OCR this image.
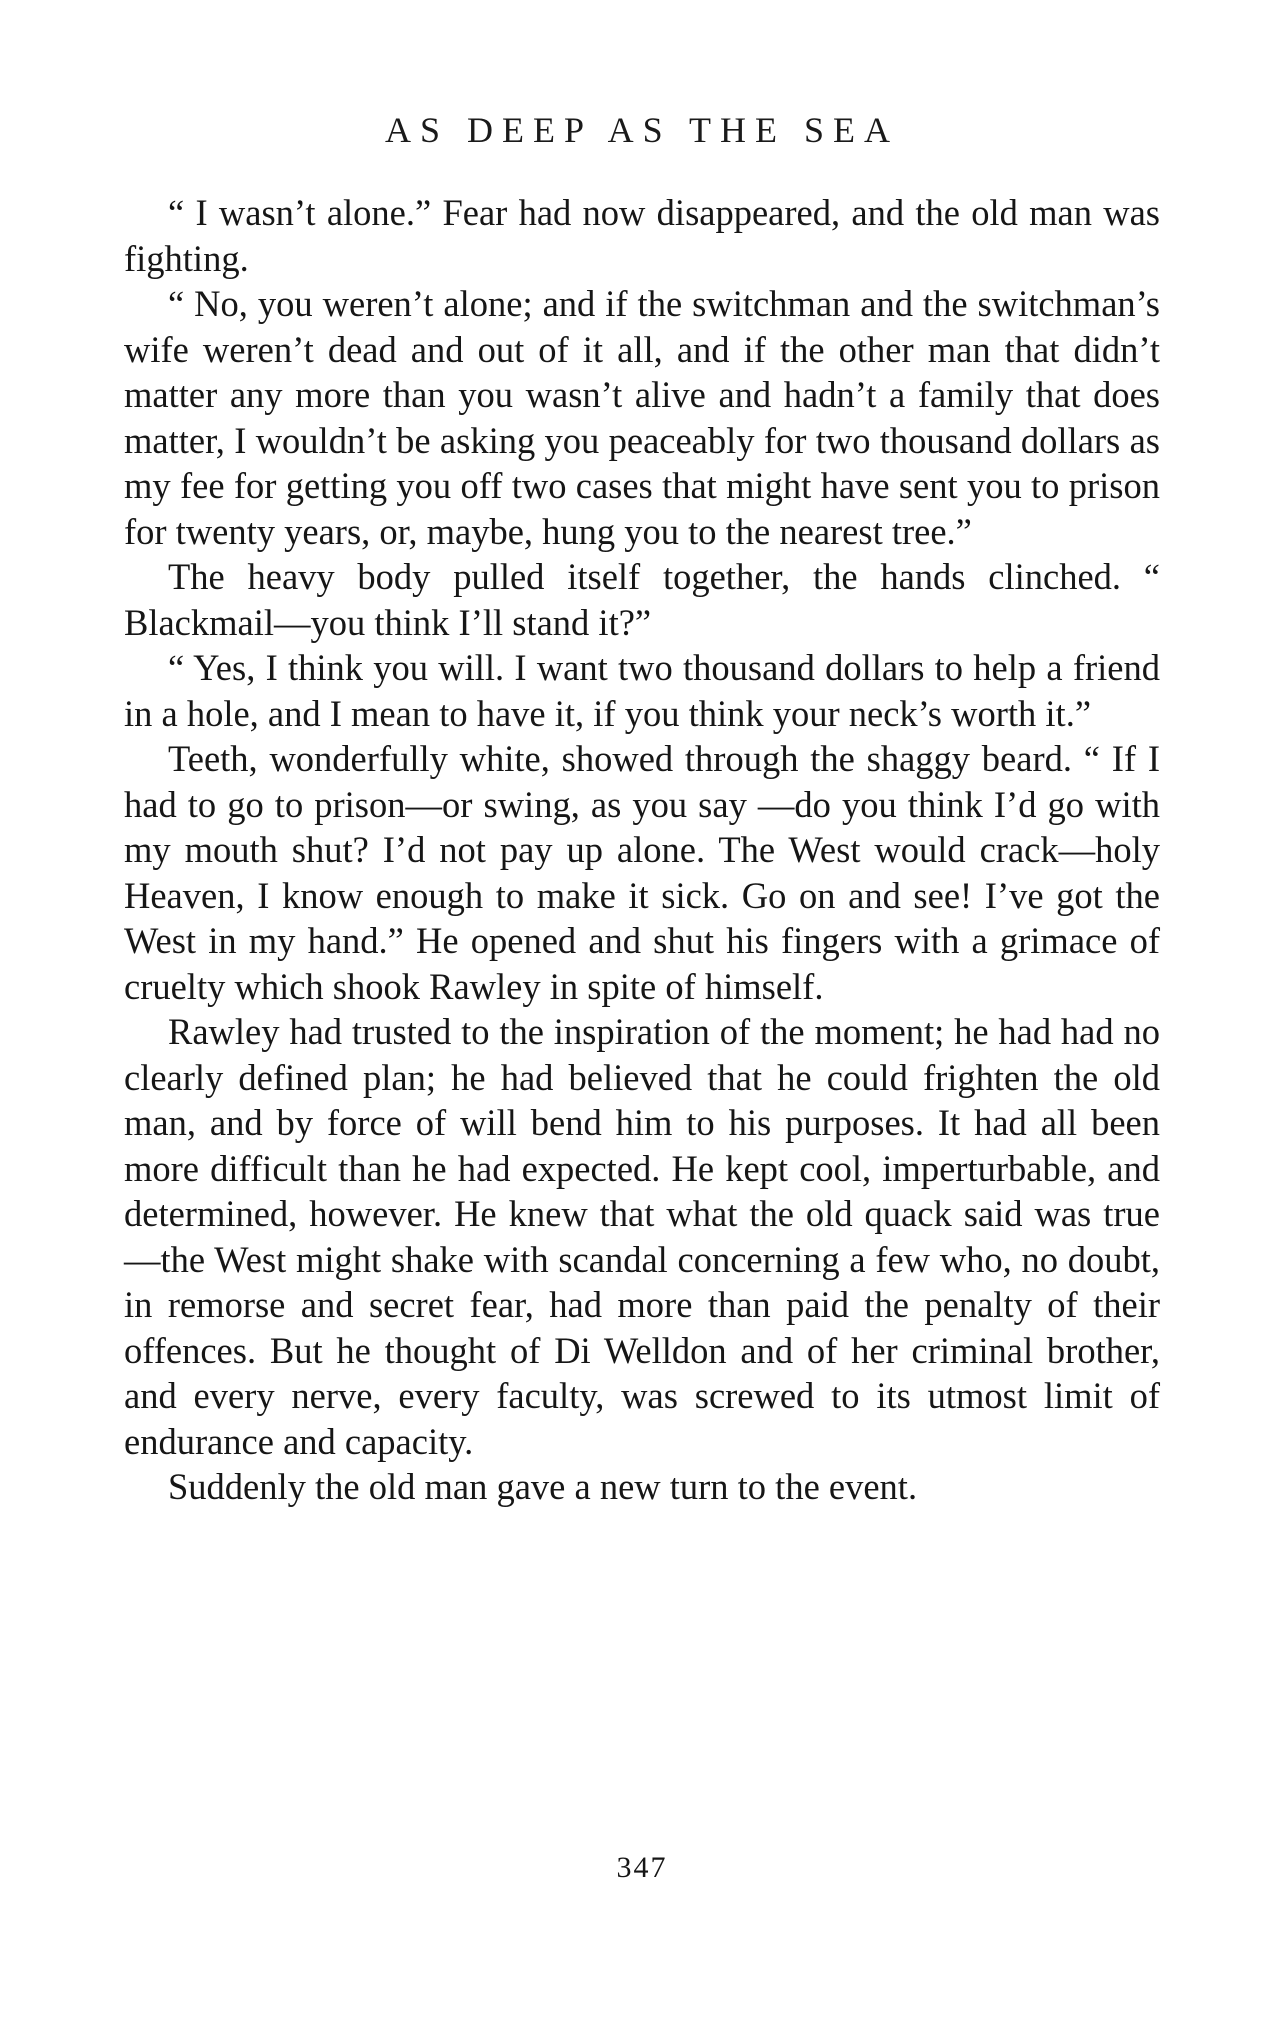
AS DEEP AS THE SEA

“ I wasn’t alone.” Fear had now disappeared, and the old man was fighting.

“ No, you weren’t alone; and if the switchman and the switchman’s wife weren’t dead and out of it all, and if the other man that didn’t matter any more than you wasn’t alive and hadn’t a family that does matter, I wouldn’t be asking you peaceably for two thousand dollars as my fee for getting you off two cases that might have sent you to prison for twenty years, or, maybe, hung you to the nearest tree.”

The heavy body pulled itself together, the hands clinched. “ Blackmail—you think I’ll stand it?”

“ Yes, I think you will. I want two thousand dollars to help a friend in a hole, and I mean to have it, if you think your neck’s worth it.”

Teeth, wonderfully white, showed through the shaggy beard. “ If I had to go to prison—or swing, as you say —do you think I’d go with my mouth shut? I’d not pay up alone. The West would crack—holy Heaven, I know enough to make it sick. Go on and see! I’ve got the West in my hand.” He opened and shut his fingers with a grimace of cruelty which shook Rawley in spite of himself.

Rawley had trusted to the inspiration of the moment; he had had no clearly defined plan; he had believed that he could frighten the old man, and by force of will bend him to his purposes. It had all been more difficult than he had expected. He kept cool, imperturbable, and determined, however. He knew that what the old quack said was true—the West might shake with scandal concerning a few who, no doubt, in remorse and secret fear, had more than paid the penalty of their offences. But he thought of Di Welldon and of her criminal brother, and every nerve, every faculty, was screwed to its utmost limit of endurance and capacity.

Suddenly the old man gave a new turn to the event.

347
